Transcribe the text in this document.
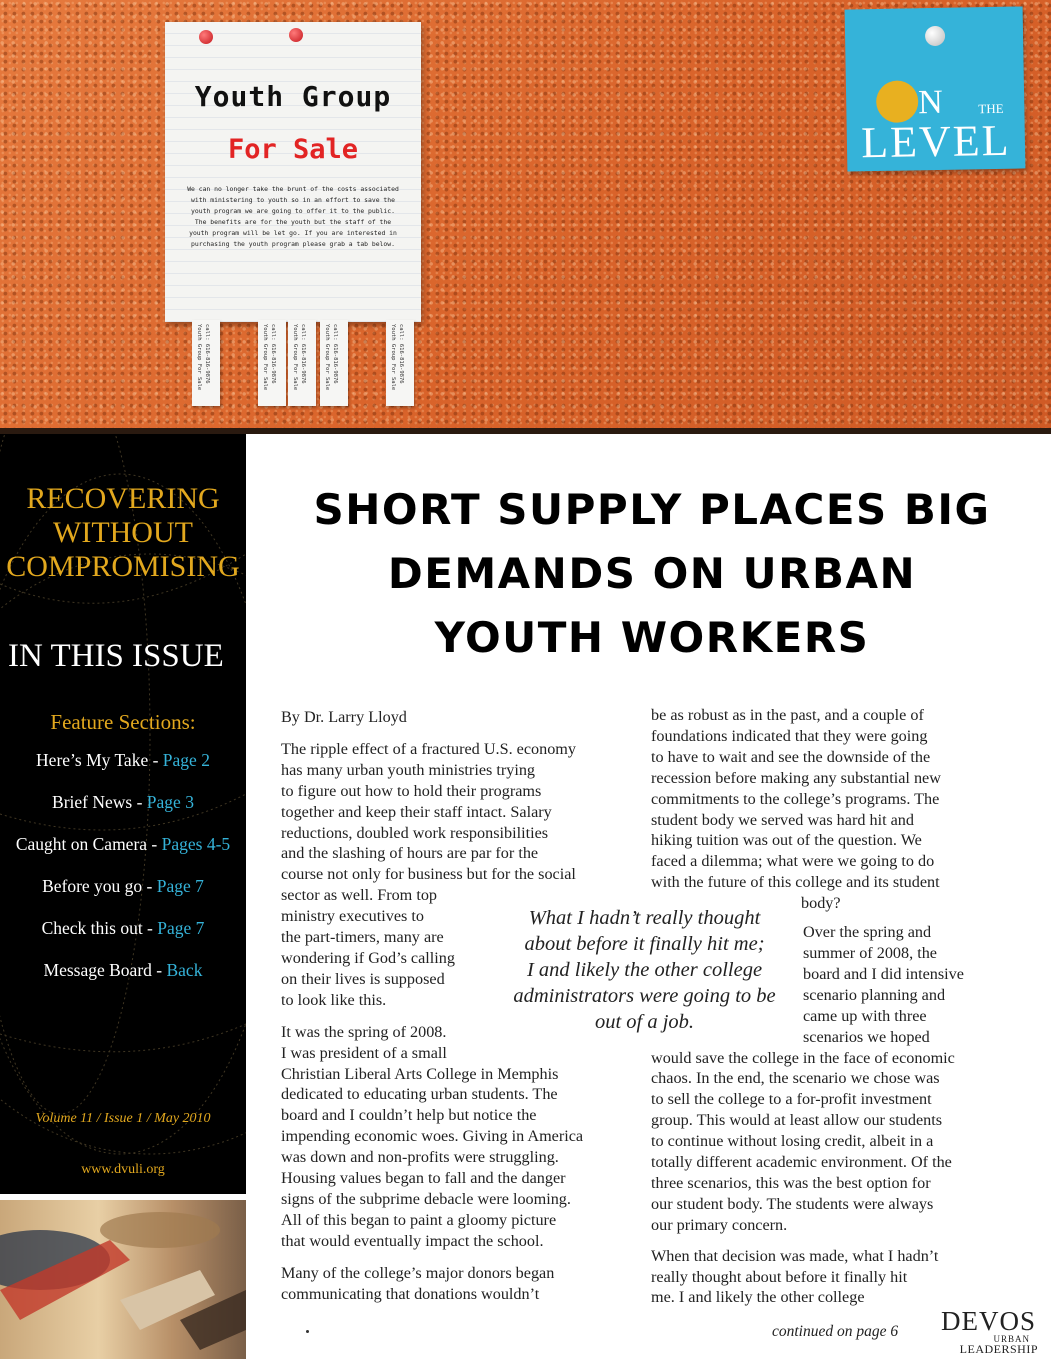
Youth Group
For Sale
We can no longer take the brunt of the costs associated with ministering to youth so in an effort to save the youth program we are going to offer it to the public. The benefits are for the youth but the staff of the youth program will be let go. If you are interested in purchasing the youth program please grab a tab below.
call: 616-816-9876 Youth Group For Sale	call: 616-816-9876 Youth Group For Sale	call: 616-816-9876 Youth Group For Sale	call: 616-816-9876 Youth Group For Sale	call: 616-816-9876 Youth Group For Sale
N	THE
LEVEL
RECOVERING
WITHOUT
COMPROMISING
IN THIS ISSUE
Feature Sections:
Here’s My Take - Page 2
Brief News - Page 3
Caught on Camera - Pages 4-5
Before you go - Page 7
Check this out - Page 7
Message Board - Back
Volume 11 / Issue 1 / May 2010
www.dvuli.org
SHORT SUPPLY PLACES BIG
DEMANDS ON URBAN
YOUTH WORKERS

By Dr. Larry Lloyd

The ripple effect of a fractured U.S. economy
has many urban youth ministries trying
to figure out how to hold their programs
together and keep their staff intact. Salary
reductions, doubled work responsibilities
and the slashing of hours are par for the
course not only for business but for the social
sector as well. From top
ministry executives to
the part-timers, many are
wondering if God’s calling
on their lives is supposed
to look like this.

It was the spring of 2008.
I was president of a small
Christian Liberal Arts College in Memphis
dedicated to educating urban students. The
board and I couldn’t help but notice the
impending economic woes. Giving in America
was down and non-profits were struggling.
Housing values began to fall and the danger
signs of the subprime debacle were looming.
All of this began to paint a gloomy picture
that would eventually impact the school.

Many of the college’s major donors began
communicating that donations wouldn’t

What I hadn’t really thought
about before it finally hit me;
I and likely the other college
administrators were going to be
out of a job.

be as robust as in the past, and a couple of
foundations indicated that they were going
to have to wait and see the downside of the
recession before making any substantial new
commitments to the college’s programs. The
student body we served was hard hit and
hiking tuition was out of the question. We
faced a dilemma; what were we going to do
with the future of this college and its student
body?

Over the spring and
summer of 2008, the
board and I did intensive
scenario planning and
came up with three
scenarios we hoped

would save the college in the face of economic
chaos. In the end, the scenario we chose was
to sell the college to a for-profit investment
group. This would at least allow our students
to continue without losing credit, albeit in a
totally different academic environment. Of the
three scenarios, this was the best option for
our student body. The students were always
our primary concern.

When that decision was made, what I hadn’t
really thought about before it finally hit
me. I and likely the other college

continued on page 6 DEVOS
URBAN
LEADERSHIP
